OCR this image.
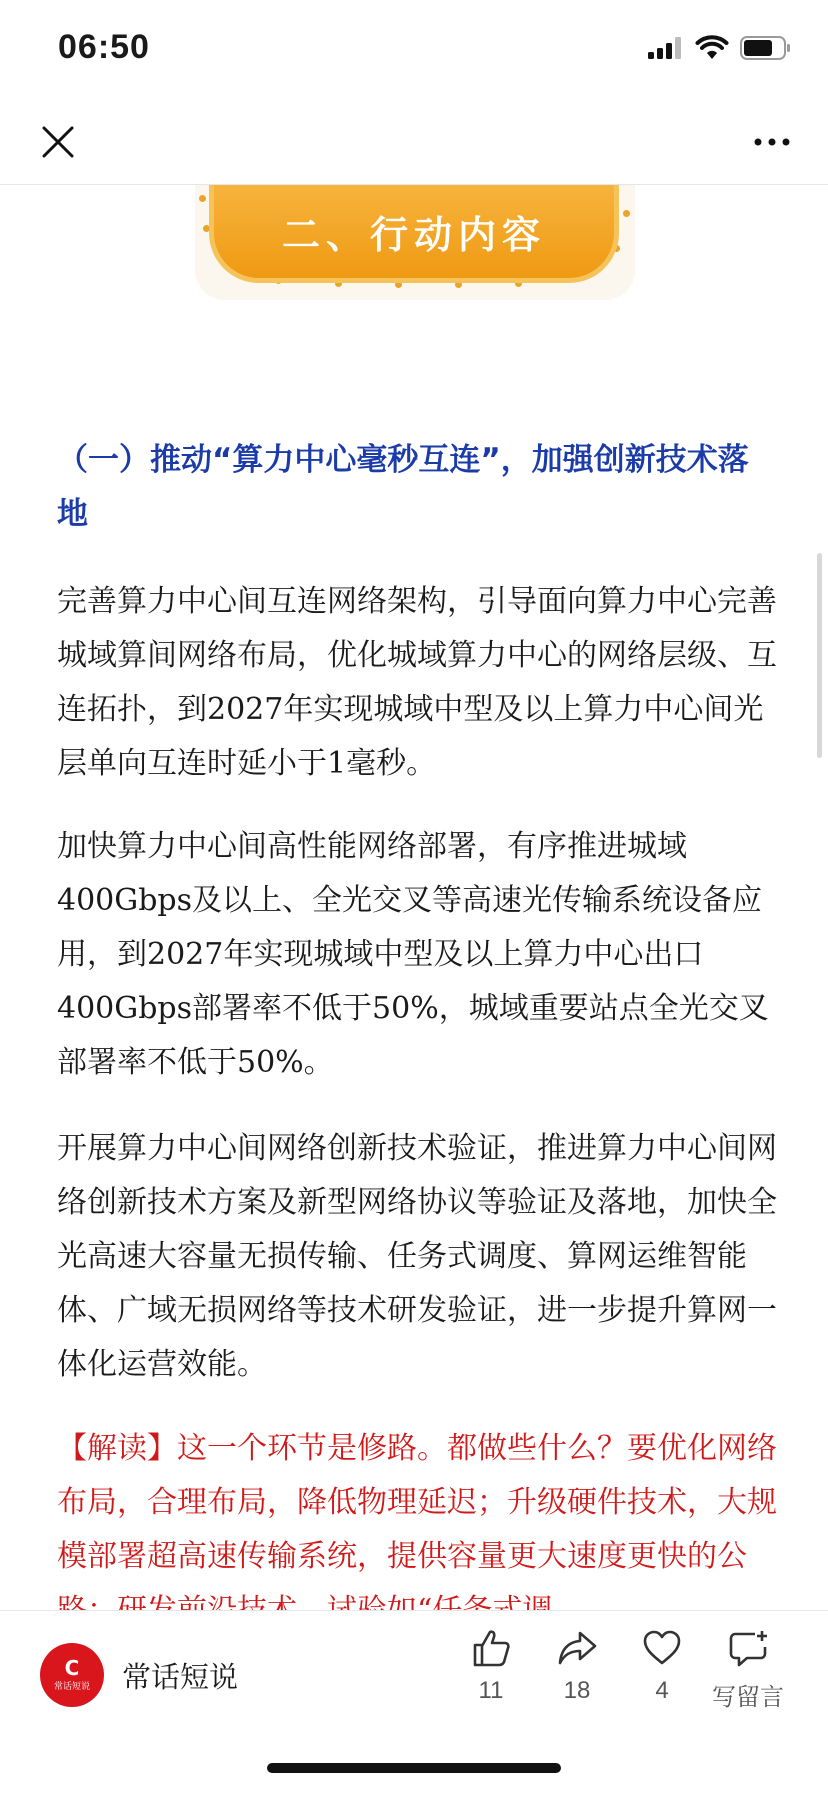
06:50
二、行动内容
（一）推动“算力中心毫秒互连”，加强创新技术落地
完善算力中心间互连网络架构，引导面向算力中心完善城域算间网络布局，优化城域算力中心的网络层级、互连拓扑，到2027年实现城域中型及以上算力中心间光层单向互连时延小于1毫秒。
加快算力中心间高性能网络部署，有序推进城域400Gbps及以上、全光交叉等高速光传输系统设备应用，到2027年实现城域中型及以上算力中心出口400Gbps部署率不低于50%，城域重要站点全光交叉部署率不低于50%。
开展算力中心间网络创新技术验证，推进算力中心间网络创新技术方案及新型网络协议等验证及落地，加快全光高速大容量无损传输、任务式调度、算网运维智能体、广域无损网络等技术研发验证，进一步提升算网一体化运营效能。
【解读】这一个环节是修路。都做些什么？要优化网络布局，合理布局，降低物理延迟；升级硬件技术，大规模部署超高速传输系统，提供容量更大速度更快的公
C
常话短说 常话短说	11	18	4	写留言
